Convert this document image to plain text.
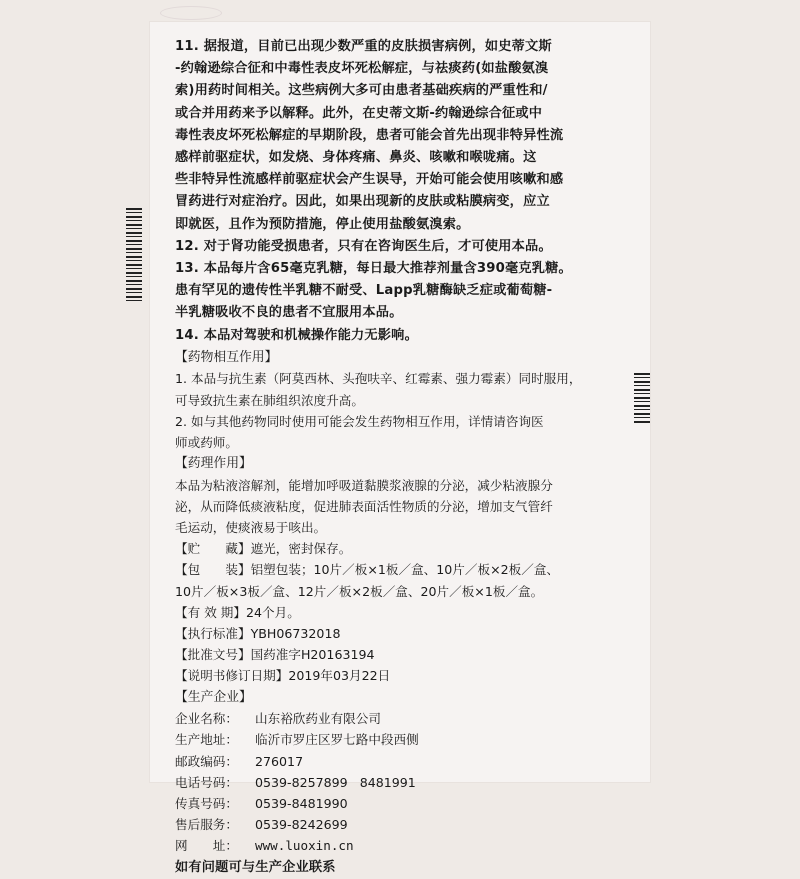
11. 据报道，目前已出现少数严重的皮肤损害病例，如史蒂文斯

-约翰逊综合征和中毒性表皮坏死松解症，与祛痰药(如盐酸氨溴

索)用药时间相关。这些病例大多可由患者基础疾病的严重性和/

或合并用药来予以解释。此外，在史蒂文斯-约翰逊综合征或中

毒性表皮坏死松解症的早期阶段，患者可能会首先出现非特异性流

感样前驱症状，如发烧、身体疼痛、鼻炎、咳嗽和喉咙痛。这

些非特异性流感样前驱症状会产生误导，开始可能会使用咳嗽和感

冒药进行对症治疗。因此，如果出现新的皮肤或粘膜病变，应立

即就医，且作为预防措施，停止使用盐酸氨溴索。

12. 对于肾功能受损患者，只有在咨询医生后，才可使用本品。

13. 本品每片含65毫克乳糖，每日最大推荐剂量含390毫克乳糖。

患有罕见的遗传性半乳糖不耐受、Lapp乳糖酶缺乏症或葡萄糖-

半乳糖吸收不良的患者不宜服用本品。

14. 本品对驾驶和机械操作能力无影响。

【药物相互作用】

1. 本品与抗生素（阿莫西林、头孢呋辛、红霉素、强力霉素）同时服用，

可导致抗生素在肺组织浓度升高。

2. 如与其他药物同时使用可能会发生药物相互作用，详情请咨询医

师或药师。

【药理作用】

本品为粘液溶解剂，能增加呼吸道黏膜浆液腺的分泌，减少粘液腺分

泌，从而降低痰液粘度，促进肺表面活性物质的分泌，增加支气管纤

毛运动，使痰液易于咳出。

【贮　　藏】遮光，密封保存。

【包　　装】铝塑包装；10片／板×1板／盒、10片／板×2板／盒、

10片／板×3板／盒、12片／板×2板／盒、20片／板×1板／盒。

【有 效 期】24个月。

【执行标准】YBH06732018

【批准文号】国药准字H20163194

【说明书修订日期】2019年03月22日

【生产企业】

企业名称：	山东裕欣药业有限公司
生产地址：	临沂市罗庄区罗七路中段西侧
邮政编码：	276017
电话号码：	0539-8257899   8481991
传真号码：	0539-8481990
售后服务：	0539-8242699
网　　址：	www.luoxin.cn

如有问题可与生产企业联系
